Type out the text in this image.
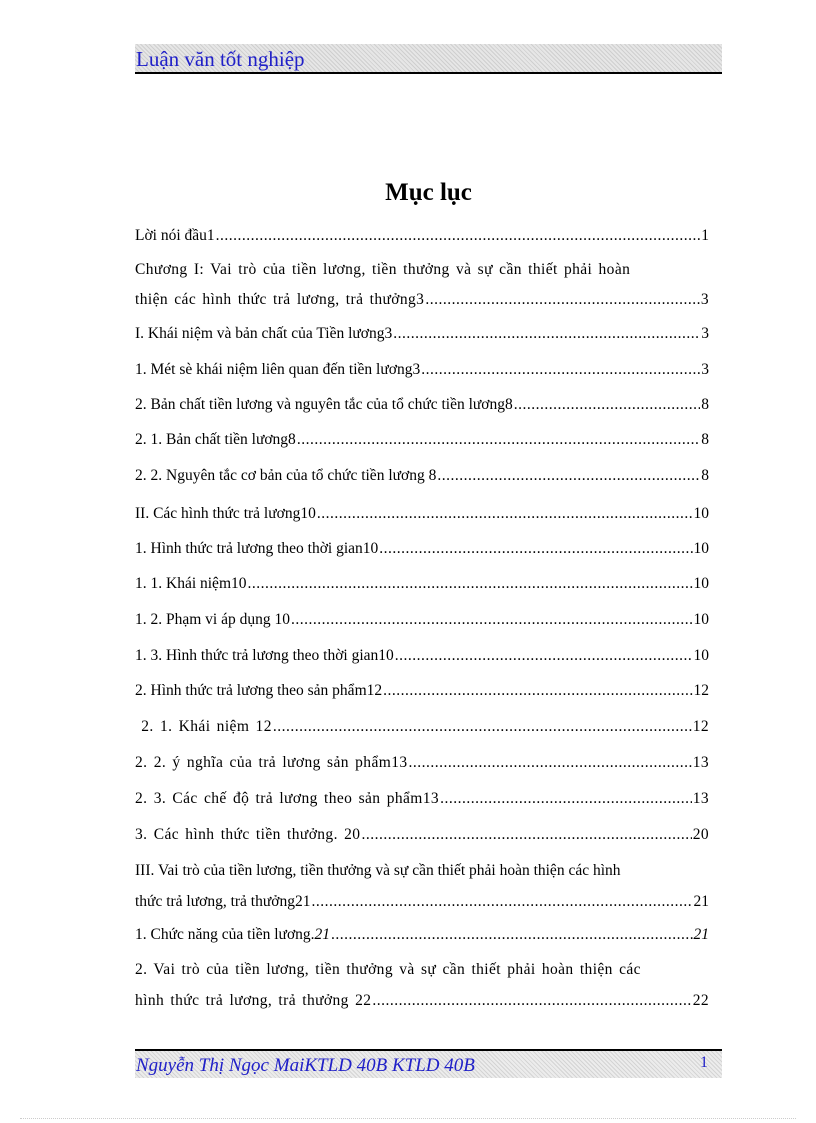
Luận văn tốt nghiệp
Mục lục
Lời nói đầu1 .....	1
Chương I: Vai trò của tiền lương, tiền thưởng và sự cần thiết phải hoàn
thiện các hình thức trả lương, trả thưởng3 .....	3
I. Khái niệm và bản chất của Tiền lương3 .....	3
1. Mét sè khái niệm liên quan đến tiền lương3 .....	3
2. Bản chất tiền lương và nguyên tắc của tổ chức tiền lương8 .....	8
2. 1. Bản chất tiền lương8 .....	8
2. 2. Nguyên tắc cơ bản của tổ chức tiền lương 8 .....	8
II. Các hình thức trả lương10 .....	10
1. Hình thức trả lương theo thời gian10 .....	10
1. 1. Khái niệm10 .....	10
1. 2. Phạm vi áp dụng 10 .....	10
1. 3. Hình thức trả lương theo thời gian10 .....	10
2. Hình thức trả lương theo sản phẩm12 .....	12
2. 1. Khái niệm 12 .....	12
2. 2. ý nghĩa của trả lương sản phẩm13 .....	13
2. 3. Các chế độ trả lương theo sản phẩm13 .....	13
3. Các hình thức tiền thưởng. 20 .....	20
III. Vai trò của tiền lương, tiền thưởng và sự cần thiết phải hoàn thiện các hình
thức trả lương, trả thưởng21 .....	21
1. Chức năng của tiền lương. 21 .....	21
2. Vai trò của tiền lương, tiền thưởng và sự cần thiết phải hoàn thiện các
hình thức trả lương, trả thưởng 22 .....	22
Nguyễn Thị Ngọc MaiKTLD 40B KTLD 40B	1
